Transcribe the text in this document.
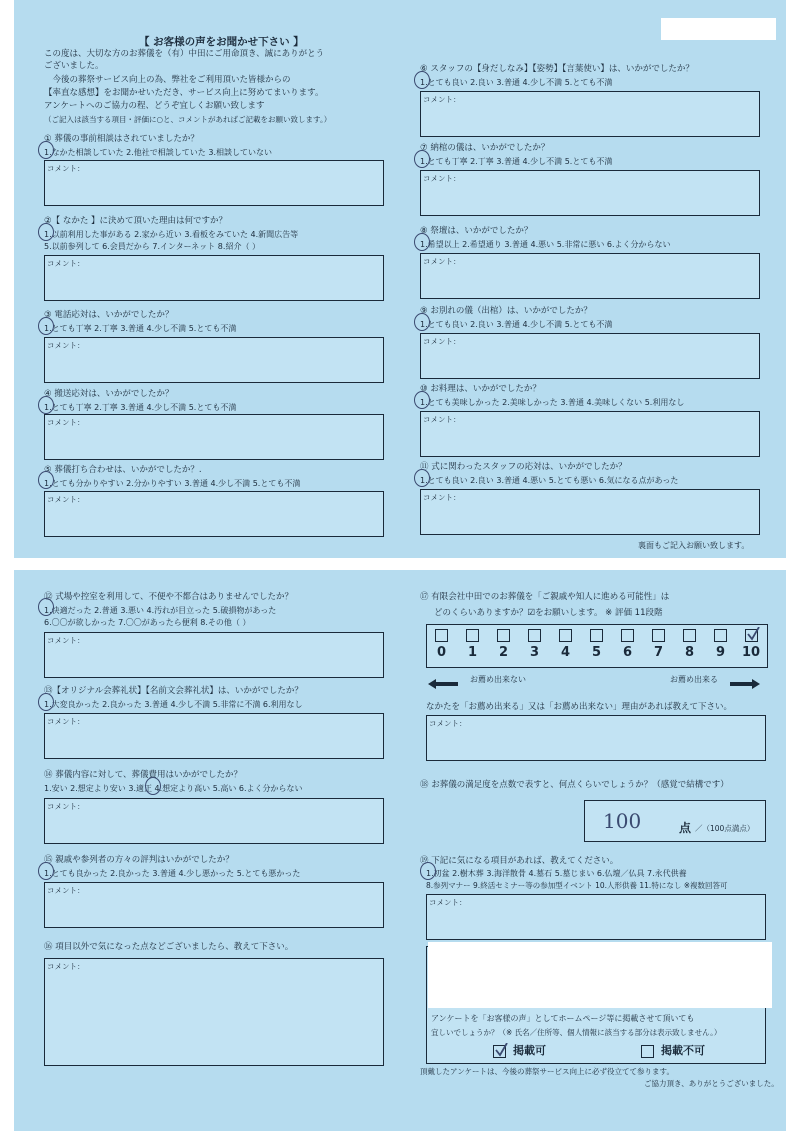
【 お客様の声をお聞かせ下さい 】
この度は、大切な方のお葬儀を（有）中田にご用命頂き、誠にありがとう
ございました。
　今後の葬祭サービス向上の為、弊社をご利用頂いた皆様からの
【率直な感想】をお聞かせいただき、サービス向上に努めてまいります。
アンケートへのご協力の程、どうぞ宜しくお願い致します
（ご記入は該当する項目・評価に○と、コメントがあればご記載をお願い致します。）
① 葬儀の事前相談はされていましたか？
1.なかた相談していた 2.他社で相談していた 3.相談していない
コメント：
②【 なかた 】に決めて頂いた理由は何ですか？
1.以前利用した事がある 2.家から近い 3.看板をみていた 4.新聞広告等
5.以前参列して 6.会員だから 7.インターネット 8.紹介（ ）
コメント：
③ 電話応対は、いかがでしたか？
1.とても丁寧 2.丁寧 3.普通 4.少し不満 5.とても不満
コメント：
④ 搬送応対は、いかがでしたか？
1.とても丁寧 2.丁寧 3.普通 4.少し不満 5.とても不満
コメント：
⑤ 葬儀打ち合わせは、いかがでしたか？.
1.とても分かりやすい 2.分かりやすい 3.普通 4.少し不満 5.とても不満
コメント：
⑥ スタッフの【身だしなみ】【姿勢】【言葉使い】は、いかがでしたか？
1.とても良い 2.良い 3.普通 4.少し不満 5.とても不満
コメント：
⑦ 納棺の儀は、いかがでしたか？
1.とても丁寧 2.丁寧 3.普通 4.少し不満 5.とても不満
コメント：
⑧ 祭壇は、いかがでしたか？
1.希望以上 2.希望通り 3.普通 4.悪い 5.非常に悪い 6.よく分からない
コメント：
⑨ お別れの儀（出棺）は、いかがでしたか？
1.とても良い 2.良い 3.普通 4.少し不満 5.とても不満
コメント：
⑩ お料理は、いかがでしたか？
1.とても美味しかった 2.美味しかった 3.普通 4.美味しくない 5.利用なし
コメント：
⑪ 式に関わったスタッフの応対は、いかがでしたか？
1.とても良い 2.良い 3.普通 4.悪い 5.とても悪い 6.気になる点があった
コメント：
裏面もご記入お願い致します。
⑫ 式場や控室を利用して、不便や不都合はありませんでしたか？
1.快適だった 2.普通 3.悪い 4.汚れが目立った 5.破損物があった
6.〇〇が欲しかった 7.〇〇があったら便利 8.その他（ ）
コメント：
⑬【オリジナル会葬礼状】【名前文会葬礼状】は、いかがでしたか？
1.大変良かった 2.良かった 3.普通 4.少し不満 5.非常に不満 6.利用なし
コメント：
⑭ 葬儀内容に対して、葬儀費用はいかがでしたか？
1.安い 2.想定より安い 3.適正 4.想定より高い 5.高い 6.よく分からない
コメント：
⑮ 親戚や参列者の方々の評判はいかがでしたか？
1.とても良かった 2.良かった 3.普通 4.少し悪かった 5.とても悪かった
コメント：
⑯ 項目以外で気になった点などございましたら、教えて下さい。
コメント：
⑰ 有限会社中田でのお葬儀を「ご親戚や知人に進める可能性」は
どのくらいありますか？☑をお願いします。 ※ 評価 11段階
0 1 2 3 4 5 6 7 8 9 10
お薦め出来ない	お薦め出来る
なかたを「お薦め出来る」又は「お薦め出来ない」理由があれば教えて下さい。
コメント：
⑱ お葬儀の満足度を点数で表すと、何点くらいでしょうか？（感覚で結構です）
100	点 ／（100点満点）
⑲ 下記に気になる項目があれば、教えてください。
1.初盆 2.樹木葬 3.海洋散骨 4.墓石 5.墓じまい 6.仏壇／仏具 7.永代供養
8.参列マナー 9.終活セミナー等の参加型イベント 10.人形供養 11.特になし ※複数回答可
コメント：
アンケートを「お客様の声」としてホームページ等に掲載させて頂いても
宜しいでしょうか？（※ 氏名／住所等、個人情報に該当する部分は表示致しません。）
掲載可	掲載不可
頂戴したアンケートは、今後の葬祭サービス向上に必ず役立てて参ります。
ご協力頂き、ありがとうございました。
